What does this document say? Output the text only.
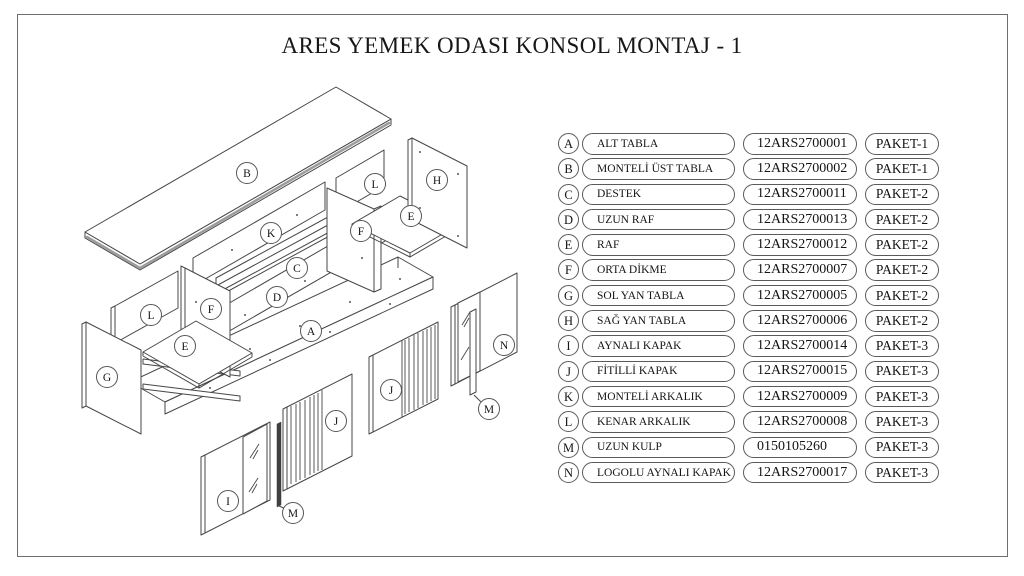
ARES YEMEK ODASI KONSOL MONTAJ - 1
B
L	H
E
K	F
C
D
A
L	F
E
G
N
J
M
J
I
M
A	ALT TABLA	12ARS2700001	PAKET-1
B	MONTELİ ÜST TABLA	12ARS2700002	PAKET-1
C	DESTEK	12ARS2700011	PAKET-2
D	UZUN RAF	12ARS2700013	PAKET-2
E	RAF	12ARS2700012	PAKET-2
F	ORTA DİKME	12ARS2700007	PAKET-2
G	SOL YAN TABLA	12ARS2700005	PAKET-2
H	SAĞ YAN TABLA	12ARS2700006	PAKET-2
I	AYNALI KAPAK	12ARS2700014	PAKET-3
J	FİTİLLİ KAPAK	12ARS2700015	PAKET-3
K	MONTELİ ARKALIK	12ARS2700009	PAKET-3
L	KENAR ARKALIK	12ARS2700008	PAKET-3
M	UZUN KULP	0150105260	PAKET-3
N	LOGOLU AYNALI KAPAK	12ARS2700017	PAKET-3
